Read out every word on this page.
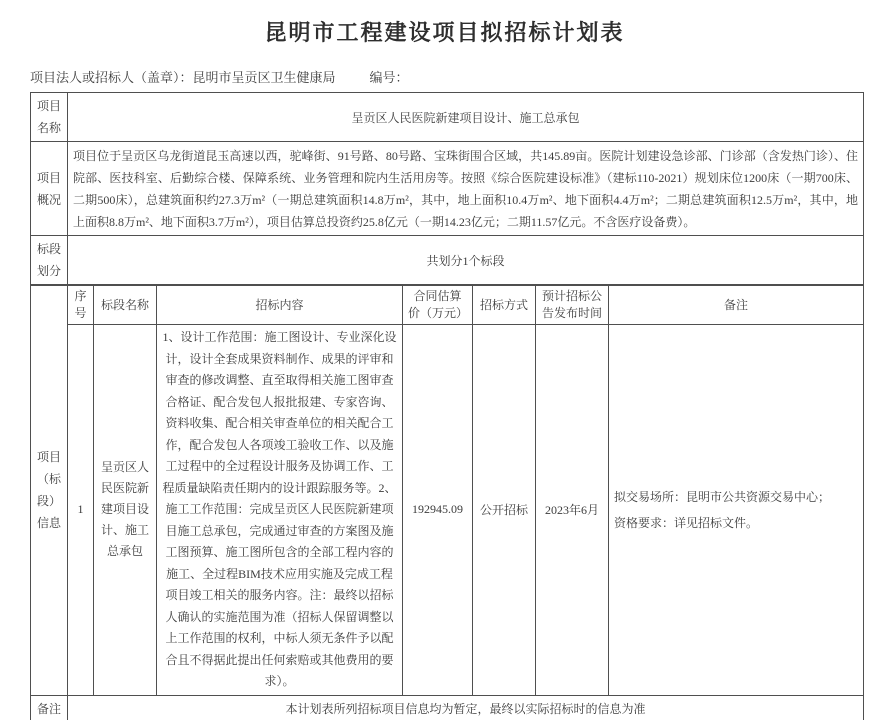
昆明市工程建设项目拟招标计划表
项目法人或招标人（盖章）：昆明市呈贡区卫生健康局	编号：
项目名称	呈贡区人民医院新建项目设计、施工总承包						
项目概况	项目位于呈贡区乌龙街道昆玉高速以西，驼峰街、91号路、80号路、宝珠街围合区域，共145.89亩。医院计划建设急诊部、门诊部（含发热门诊）、住院部、医技科室、后勤综合楼、保障系统、业务管理和院内生活用房等。按照《综合医院建设标准》（建标110-2021）规划床位1200床（一期700床、二期500床），总建筑面积约27.3万m²（一期总建筑面积14.8万m²，其中，地上面积10.4万m²、地下面积4.4万m²；二期总建筑面积12.5万m²，其中，地上面积8.8万m²、地下面积3.7万m²），项目估算总投资约25.8亿元（一期14.23亿元；二期11.57亿元。不含医疗设备费）。						
标段划分	共划分1个标段						
项目（标段）信息	序号	标段名称	招标内容	合同估算价（万元）	招标方式	预计招标公告发布时间	备注
	1	呈贡区人民医院新建项目设计、施工总承包	1、设计工作范围：施工图设计、专业深化设计，设计全套成果资料制作、成果的评审和审查的修改调整、直至取得相关施工图审查合格证、配合发包人报批报建、专家咨询、资料收集、配合相关审查单位的相关配合工作，配合发包人各项竣工验收工作、以及施工过程中的全过程设计服务及协调工作、工程质量缺陷责任期内的设计跟踪服务等。2、施工工作范围：完成呈贡区人民医院新建项目施工总承包，完成通过审查的方案图及施工图预算、施工图所包含的全部工程内容的施工、全过程BIM技术应用实施及完成工程项目竣工相关的服务内容。注：最终以招标人确认的实施范围为准（招标人保留调整以上工作范围的权利，中标人须无条件予以配合且不得据此提出任何索赔或其他费用的要求）。	192945.09	公开招标	2023年6月	拟交易场所：昆明市公共资源交易中心；
资格要求：详见招标文件。

备注	本计划表所列招标项目信息均为暂定，最终以实际招标时的信息为准						
